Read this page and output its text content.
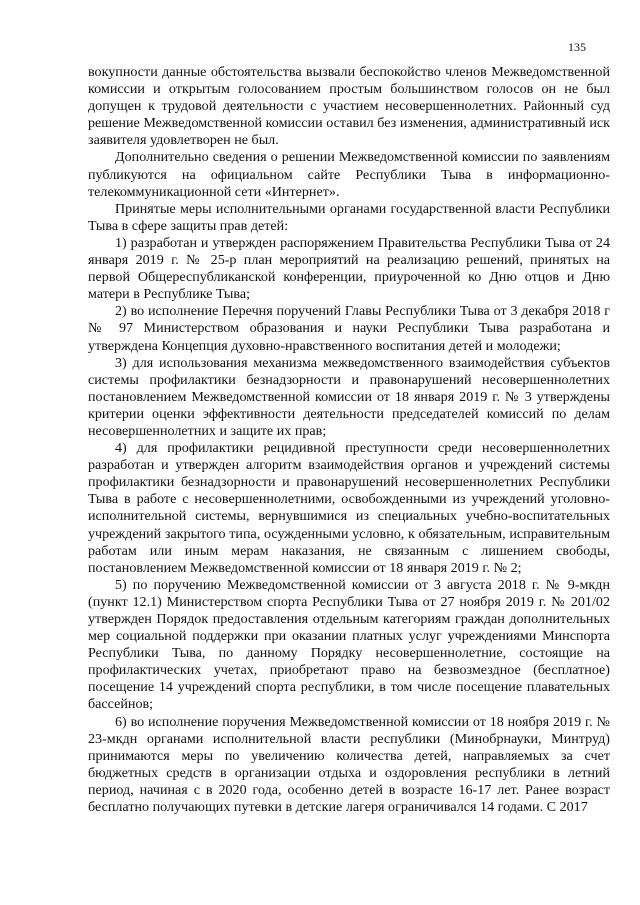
135

вокупности данные обстоятельства вызвали беспокойство членов Межведомственной комиссии и открытым голосованием простым большинством голосов он не был допущен к трудовой деятельности с участием несовершеннолетних. Районный суд решение Межведомственной комиссии оставил без изменения, административный иск заявителя удовлетворен не был.

Дополнительно сведения о решении Межведомственной комиссии по заявлениям публикуются на официальном сайте Республики Тыва в информационно-телекоммуникационной сети «Интернет».

Принятые меры исполнительными органами государственной власти Республики Тыва в сфере защиты прав детей:

1) разработан и утвержден распоряжением Правительства Республики Тыва от 24 января 2019 г. № 25-р план мероприятий на реализацию решений, принятых на первой Общереспубликанской конференции, приуроченной ко Дню отцов и Дню матери в Республике Тыва;

2) во исполнение Перечня поручений Главы Республики Тыва от 3 декабря 2018 г № 97 Министерством образования и науки Республики Тыва разработана и утверждена Концепция духовно-нравственного воспитания детей и молодежи;

3) для использования механизма межведомственного взаимодействия субъектов системы профилактики безнадзорности и правонарушений несовершеннолетних постановлением Межведомственной комиссии от 18 января 2019 г. № 3 утверждены критерии оценки эффективности деятельности председателей комиссий по делам несовершеннолетних и защите их прав;

4) для профилактики рецидивной преступности среди несовершеннолетних разработан и утвержден алгоритм взаимодействия органов и учреждений системы профилактики безнадзорности и правонарушений несовершеннолетних Республики Тыва в работе с несовершеннолетними, освобожденными из учреждений уголовно-исполнительной системы, вернувшимися из специальных учебно-воспитательных учреждений закрытого типа, осужденными условно, к обязательным, исправительным работам или иным мерам наказания, не связанным с лишением свободы, постановлением Межведомственной комиссии от 18 января 2019 г. № 2;

5) по поручению Межведомственной комиссии от 3 августа 2018 г. № 9-мкдн (пункт 12.1) Министерством спорта Республики Тыва от 27 ноября 2019 г. № 201/02 утвержден Порядок предоставления отдельным категориям граждан дополнительных мер социальной поддержки при оказании платных услуг учреждениями Минспорта Республики Тыва, по данному Порядку несовершеннолетние, состоящие на профилактических учетах, приобретают право на безвозмездное (бесплатное) посещение 14 учреждений спорта республики, в том числе посещение плавательных бассейнов;

6) во исполнение поручения Межведомственной комиссии от 18 ноября 2019 г. № 23-мкдн органами исполнительной власти республики (Минобрнауки, Минтруд) принимаются меры по увеличению количества детей, направляемых за счет бюджетных средств в организации отдыха и оздоровления республики в летний период, начиная с в 2020 года, особенно детей в возрасте 16-17 лет. Ранее возраст бесплатно получающих путевки в детские лагеря ограничивался 14 годами. С 2017
